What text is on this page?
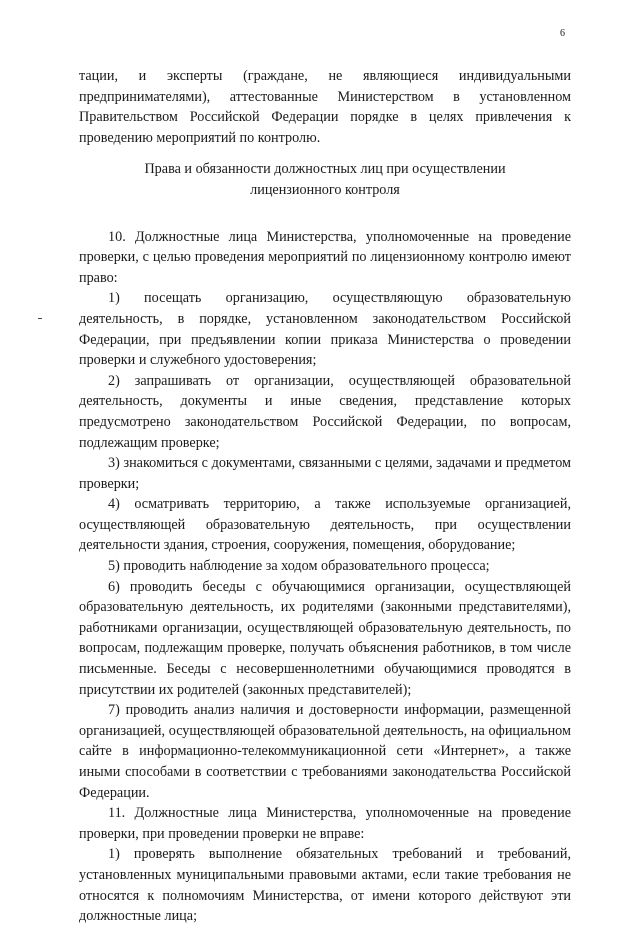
6

тации, и эксперты (граждане, не являющиеся индивидуальными предпринимателями), аттестованные Министерством в установленном Правительством Российской Федерации порядке в целях привлечения к проведению мероприятий по контролю.

Права и обязанности должностных лиц при осуществлении
лицензионного контроля

10. Должностные лица Министерства, уполномоченные на проведение проверки, с целью проведения мероприятий по лицензионному контролю имеют право:

1) посещать организацию, осуществляющую образовательную деятельность, в порядке, установленном законодательством Российской Федерации, при предъявлении копии приказа Министерства о проведении проверки и служебного удостоверения;

2) запрашивать от организации, осуществляющей образовательной деятельность, документы и иные сведения, представление которых предусмотрено законодательством Российской Федерации, по вопросам, подлежащим проверке;

3) знакомиться с документами, связанными с целями, задачами и предметом проверки;

4) осматривать территорию, а также используемые организацией, осуществляющей образовательную деятельность, при осуществлении деятельности здания, строения, сооружения, помещения, оборудование;

5) проводить наблюдение за ходом образовательного процесса;

6) проводить беседы с обучающимися организации, осуществляющей образовательную деятельность, их родителями (законными представителями), работниками организации, осуществляющей образовательную деятельность, по вопросам, подлежащим проверке, получать объяснения работников, в том числе письменные. Беседы с несовершеннолетними обучающимися проводятся в присутствии их родителей (законных представителей);

7) проводить анализ наличия и достоверности информации, размещенной организацией, осуществляющей образовательной деятельность, на официальном сайте в информационно-телекоммуникационной сети «Интернет», а также иными способами в соответствии с требованиями законодательства Российской Федерации.

11. Должностные лица Министерства, уполномоченные на проведение проверки, при проведении проверки не вправе:

1) проверять выполнение обязательных требований и требований, установленных муниципальными правовыми актами, если такие требования не относятся к полномочиям Министерства, от имени которого действуют эти должностные лица;
